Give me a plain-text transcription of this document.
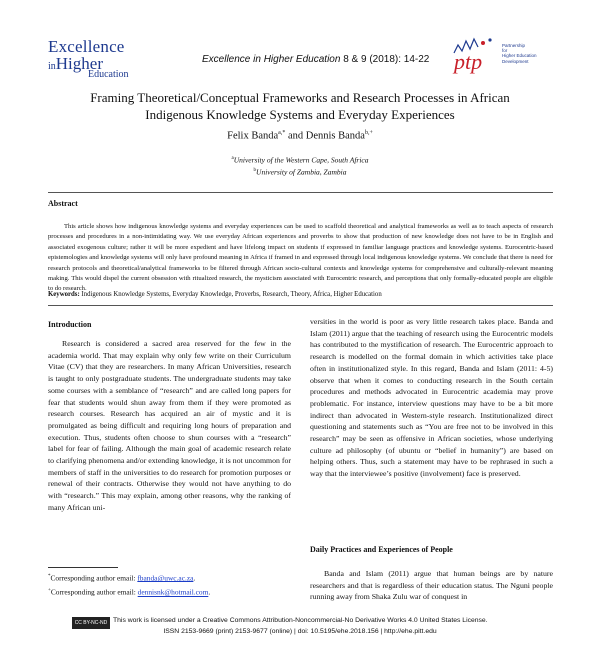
Excellence
inHigher
Education
Excellence in Higher Education 8 & 9 (2018): 14-22 ptp
Partnership
for
Higher Education
Development
Framing Theoretical/Conceptual Frameworks and Research Processes in African
Indigenous Knowledge Systems and Everyday Experiences
Felix Banda$^{a,*}$ and Dennis Banda$^{b,+}$
$^a$University of the Western Cape, South Africa
$^b$University of Zambia, Zambia
Abstract
This article shows how indigenous knowledge systems and everyday experiences can be used to scaffold theoretical and analytical frameworks as well as to teach aspects of research processes and procedures in a non-intimidating way. We use everyday African experiences and proverbs to show that production of new knowledge does not have to be in English and associated exogenous culture; rather it will be more expedient and have lifelong impact on students if expressed in familiar language practices and knowledge systems. Eurocentric-based epistemologies and knowledge systems will only have profound meaning in Africa if framed in and expressed through local indigenous knowledge systems. We conclude that there is need for research protocols and theoretical/analytical frameworks to be filtered through African socio-cultural contexts and knowledge systems for comprehensive and culturally-relevant meaning making. This would dispel the current obsession with ritualized research, the mysticism associated with Eurocentric research, and perceptions that only formally-educated people are eligible to do research.
Keywords: Indigenous Knowledge Systems, Everyday Knowledge, Proverbs, Research, Theory, Africa, Higher Education
Introduction

Research is considered a sacred area reserved for the few in the academia world. That may explain why only few write on their Curriculum Vitae (CV) that they are researchers. In many African Universities, research is taught to only postgraduate students. The undergraduate students may take some courses with a semblance of “research” and are called long papers for fear that students would shun away from them if they were promoted as research courses. Research has acquired an air of mystic and it is promulgated as being difficult and requiring long hours of preparation and execution. Thus, students often choose to shun courses with a “research” label for fear of failing. Although the main goal of academic research relate to clarifying phenomena and/or extending knowledge, it is not uncommon for members of staff in the universities to do research for promotion purposes or renewal of their contracts. Otherwise they would not have anything to do with “research.” This may explain, among other reasons, why the ranking of many African uni-

*Corresponding author email: fbanda@uwc.ac.za.
+Corresponding author email: dennisnk@hotmail.com.

versities in the world is poor as very little research takes place. Banda and Islam (2011) argue that the teaching of research using the Eurocentric models has contributed to the mystification of research. The Eurocentric approach to research is modelled on the formal domain in which activities take place often in institutionalized style. In this regard, Banda and Islam (2011: 4-5) observe that when it comes to conducting research in the South certain procedures and methods advocated in Eurocentric academia may prove problematic. For instance, interview questions may have to be a bit more indirect than advocated in Western-style research. Institutionalized direct questioning and statements such as “You are free not to be involved in this research” may be seen as offensive in African societies, whose underlying culture ad philosophy (of ubuntu or “belief in humanity”) are based on helping others. Thus, such a statement may have to be rephrased in such a way that the interviewee’s positive (involvement) face is preserved.

Daily Practices and Experiences of People

Banda and Islam (2011) argue that human beings are by nature researchers and that is regardless of their education status. The Nguni people running away from Shaka Zulu war of conquest in

CC BY-NC-ND This work is licensed under a Creative Commons Attribution-Noncommercial-No Derivative Works 4.0 United States License.
ISSN 2153-9669 (print) 2153-9677 (online) | doi: 10.5195/ehe.2018.156 | http://ehe.pitt.edu
